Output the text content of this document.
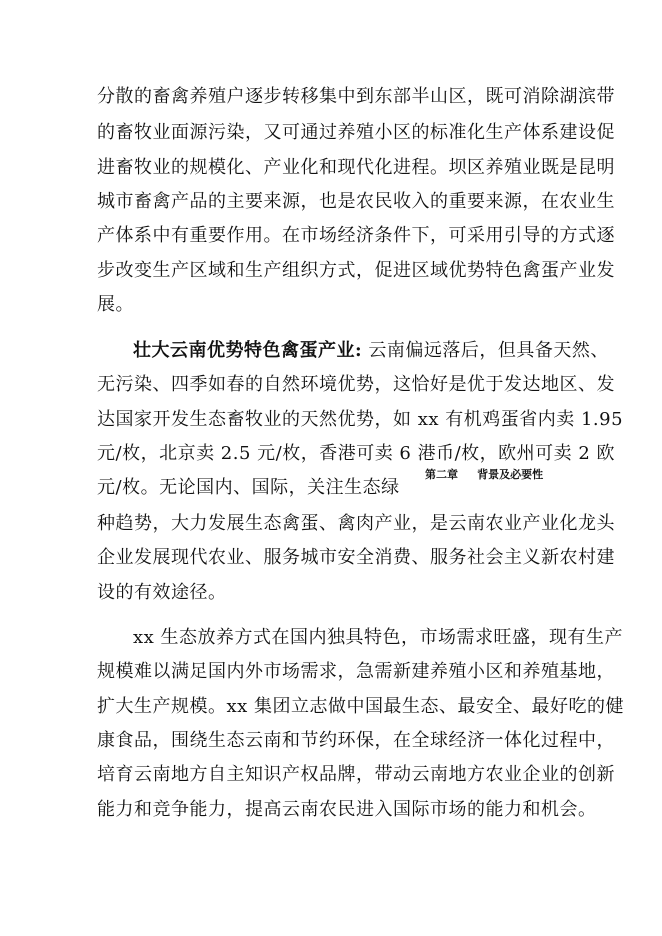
分散的畜禽养殖户逐步转移集中到东部半山区，既可消除湖滨带
的畜牧业面源污染，又可通过养殖小区的标准化生产体系建设促
进畜牧业的规模化、产业化和现代化进程。坝区养殖业既是昆明
城市畜禽产品的主要来源，也是农民收入的重要来源，在农业生
产体系中有重要作用。在市场经济条件下，可采用引导的方式逐
步改变生产区域和生产组织方式，促进区域优势特色禽蛋产业发
展。
壮大云南优势特色禽蛋产业: 云南偏远落后，但具备天然、
无污染、四季如春的自然环境优势，这恰好是优于发达地区、发
达国家开发生态畜牧业的天然优势，如 xx 有机鸡蛋省内卖 1.95
元/枚，北京卖 2.5 元/枚，香港可卖 6 港币/枚，欧州可卖 2 欧
元/枚。无论国内、国际，关注生态绿
第二章 背景及必要性
种趋势，大力发展生态禽蛋、禽肉产业，是云南农业产业化龙头
企业发展现代农业、服务城市安全消费、服务社会主义新农村建
设的有效途径。
xx 生态放养方式在国内独具特色，市场需求旺盛，现有生产
规模难以满足国内外市场需求，急需新建养殖小区和养殖基地，
扩大生产规模。xx 集团立志做中国最生态、最安全、最好吃的健
康食品，围绕生态云南和节约环保，在全球经济一体化过程中，
培育云南地方自主知识产权品牌，带动云南地方农业企业的创新
能力和竞争能力，提高云南农民进入国际市场的能力和机会。
